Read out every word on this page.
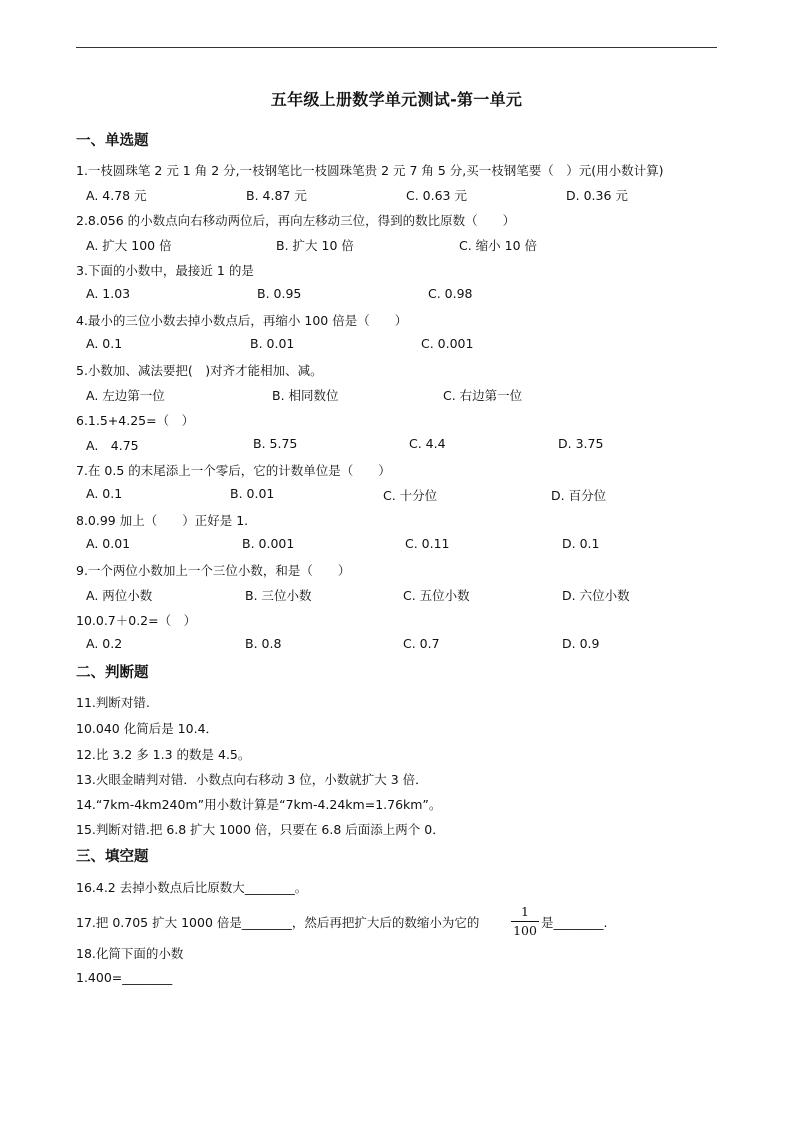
五年级上册数学单元测试-第一单元
一、单选题
1.一枝圆珠笔 2 元 1 角 2 分,一枝钢笔比一枝圆珠笔贵 2 元 7 角 5 分,买一枝钢笔要（　）元(用小数计算)
A. 4.78 元	B. 4.87 元	C. 0.63 元	D. 0.36 元
2.8.056 的小数点向右移动两位后，再向左移动三位，得到的数比原数（　　）
A. 扩大 100 倍	B. 扩大 10 倍	C. 缩小 10 倍
3.下面的小数中，最接近 1 的是
A. 1.03	B. 0.95	C. 0.98
4.最小的三位小数去掉小数点后，再缩小 100 倍是（　　）
A. 0.1	B. 0.01	C. 0.001
5.小数加、减法要把(　)对齐才能相加、减。
A. 左边第一位	B. 相同数位	C. 右边第一位
6.1.5+4.25=（　）
A.　4.75	B. 5.75	C. 4.4	D. 3.75
7.在 0.5 的末尾添上一个零后，它的计数单位是（　　）
A. 0.1	B. 0.01	C. 十分位	D. 百分位
8.0.99 加上（　　）正好是 1.
A. 0.01	B. 0.001	C. 0.11	D. 0.1
9.一个两位小数加上一个三位小数，和是（　　）
A. 两位小数	B. 三位小数	C. 五位小数	D. 六位小数
10.0.7＋0.2=（　）
A. 0.2	B. 0.8	C. 0.7	D. 0.9
二、判断题
11.判断对错.
10.040 化简后是 10.4．
12.比 3.2 多 1.3 的数是 4.5。
13.火眼金睛判对错．小数点向右移动 3 位，小数就扩大 3 倍．
14.“7km-4km240m”用小数计算是“7km-4.24km=1.76km”。
15.判断对错.把 6.8 扩大 1000 倍，只要在 6.8 后面添上两个 0．
三、填空题
16.4.2 去掉小数点后比原数大________。
17.把 0.705 扩大 1000 倍是________，然后再把扩大后的数缩小为它的
1
100
是________.
18.化简下面的小数
1.400=________
